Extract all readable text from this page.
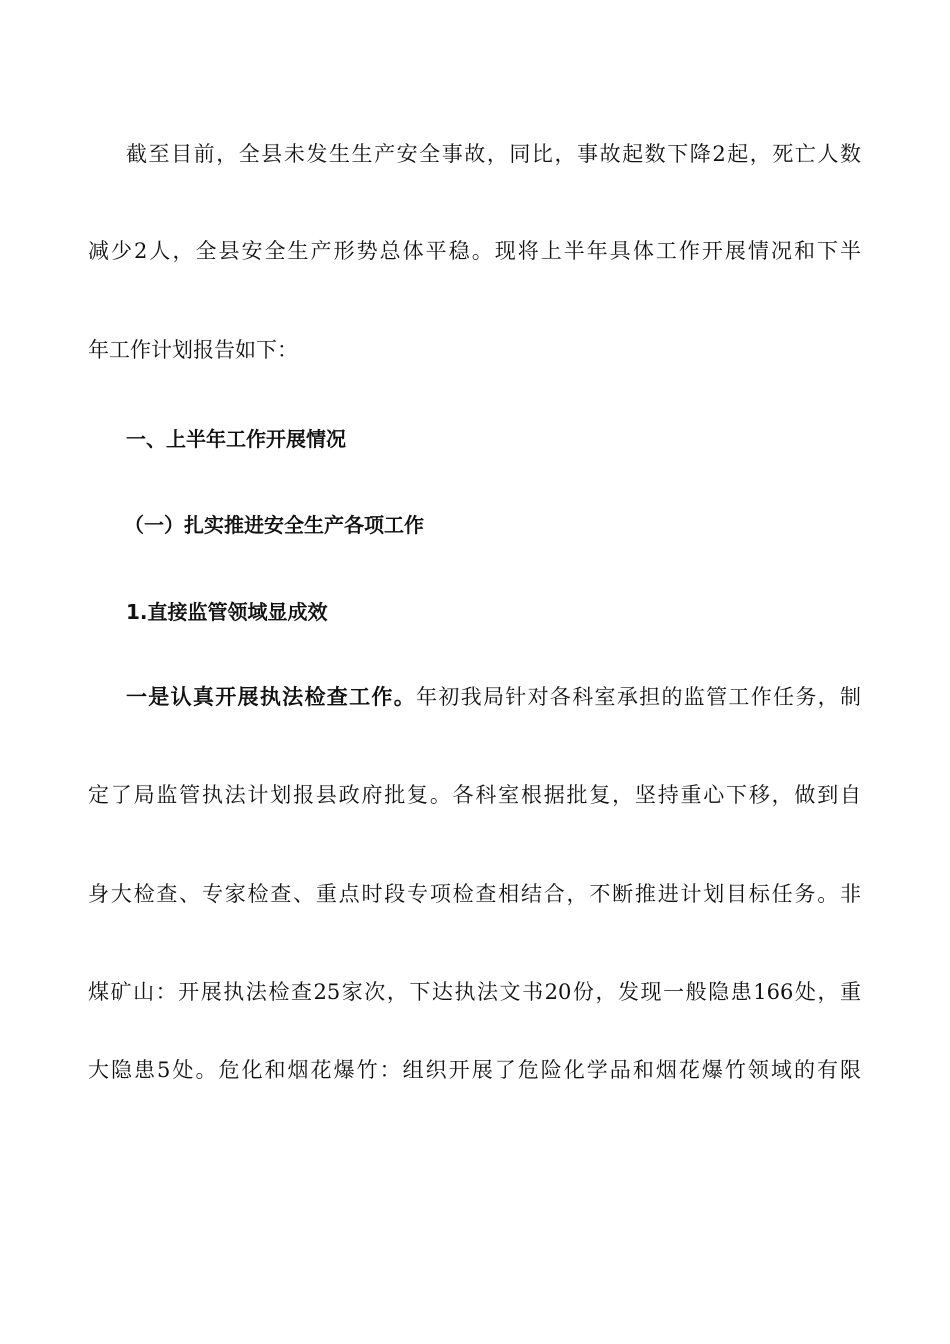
截至目前，全县未发生生产安全事故，同比，事故起数下降2起，死亡人数
减少2人，全县安全生产形势总体平稳。现将上半年具体工作开展情况和下半
年工作计划报告如下：
一、上半年工作开展情况
（一）扎实推进安全生产各项工作
1.直接监管领域显成效
一是认真开展执法检查工作。年初我局针对各科室承担的监管工作任务，制
定了局监管执法计划报县政府批复。各科室根据批复，坚持重心下移，做到自
身大检查、专家检查、重点时段专项检查相结合，不断推进计划目标任务。非
煤矿山：开展执法检查25家次，下达执法文书20份，发现一般隐患166处，重
大隐患5处。危化和烟花爆竹：组织开展了危险化学品和烟花爆竹领域的有限
